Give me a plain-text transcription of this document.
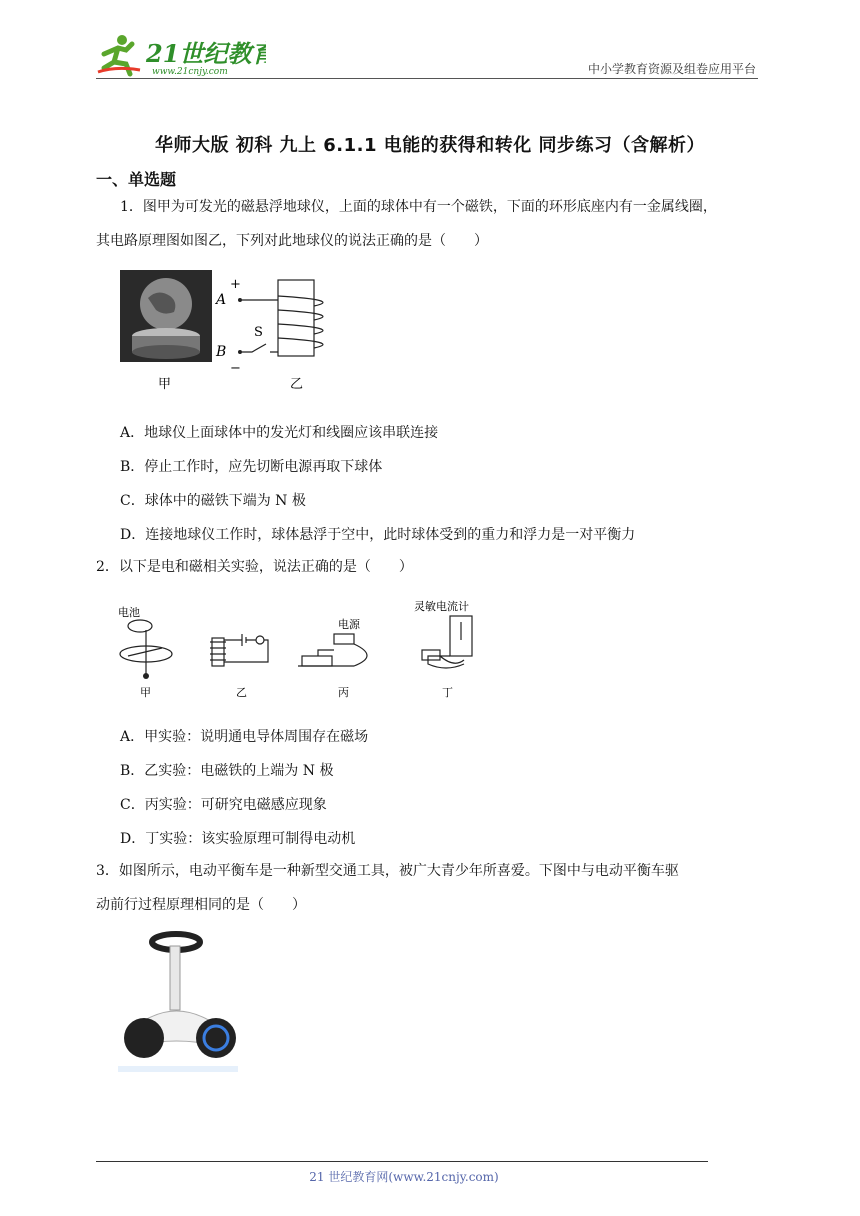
21世纪教育
www.21cnjy.com	中小学教育资源及组卷应用平台
华师大版 初科 九上 6.1.1 电能的获得和转化 同步练习（含解析）
一、单选题
1．图甲为可发光的磁悬浮地球仪，上面的球体中有一个磁铁，下面的环形底座内有一金属线圈，
其电路原理图如图乙，下列对此地球仪的说法正确的是（　　）
甲
A
B
+
−
S
乙
A．地球仪上面球体中的发光灯和线圈应该串联连接
B．停止工作时，应先切断电源再取下球体
C．球体中的磁铁下端为 N 极
D．连接地球仪工作时，球体悬浮于空中，此时球体受到的重力和浮力是一对平衡力
2．以下是电和磁相关实验，说法正确的是（　　）
电池
甲	乙
电源
丙
灵敏电流计
丁
A．甲实验：说明通电导体周围存在磁场
B．乙实验：电磁铁的上端为 N 极
C．丙实验：可研究电磁感应现象
D．丁实验：该实验原理可制得电动机
3．如图所示，电动平衡车是一种新型交通工具，被广大青少年所喜爱。下图中与电动平衡车驱
动前行过程原理相同的是（　　）
21 世纪教育网(www.21cnjy.com)
